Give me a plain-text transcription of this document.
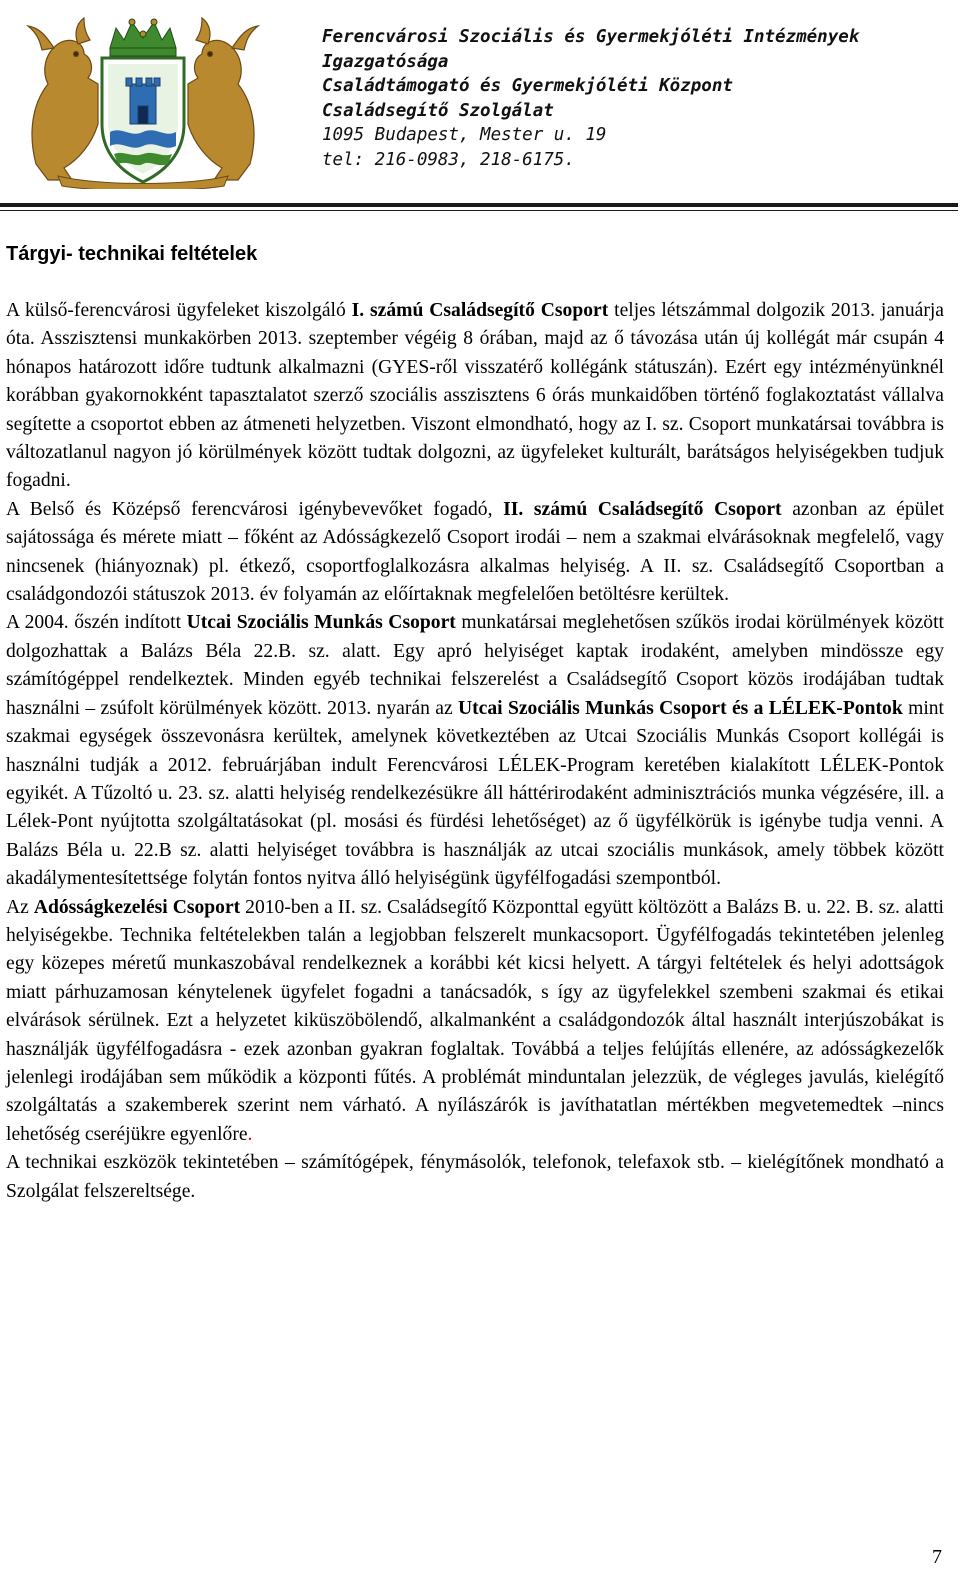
Ferencvárosi Szociális és Gyermekjóléti Intézmények
Igazgatósága
Családtámogató és Gyermekjóléti Központ
Családsegítő Szolgálat
1095 Budapest, Mester u. 19
tel: 216-0983, 218-6175.
Tárgyi- technikai feltételek

A külső-ferencvárosi ügyfeleket kiszolgáló I. számú Családsegítő Csoport teljes létszámmal dolgozik 2013. januárja óta. Asszisztensi munkakörben 2013. szeptember végéig 8 órában, majd az ő távozása után új kollégát már csupán 4 hónapos határozott időre tudtunk alkalmazni (GYES-ről visszatérő kollégánk státuszán). Ezért egy intézményünknél korábban gyakornokként tapasztalatot szerző szociális asszisztens 6 órás munkaidőben történő foglakoztatást vállalva segítette a csoportot ebben az átmeneti helyzetben. Viszont elmondható, hogy az I. sz. Csoport munkatársai továbbra is változatlanul nagyon jó körülmények között tudtak dolgozni, az ügyfeleket kulturált, barátságos helyiségekben tudjuk fogadni.

A Belső és Középső ferencvárosi igénybevevőket fogadó, II. számú Családsegítő Csoport azonban az épület sajátossága és mérete miatt – főként az Adósságkezelő Csoport irodái – nem a szakmai elvárásoknak megfelelő, vagy nincsenek (hiányoznak) pl. étkező, csoportfoglalkozásra alkalmas helyiség. A II. sz. Családsegítő Csoportban a családgondozói státuszok 2013. év folyamán az előírtaknak megfelelően betöltésre kerültek.

A 2004. őszén indított Utcai Szociális Munkás Csoport munkatársai meglehetősen szűkös irodai körülmények között dolgozhattak a Balázs Béla 22.B. sz. alatt. Egy apró helyiséget kaptak irodaként, amelyben mindössze egy számítógéppel rendelkeztek. Minden egyéb technikai felszerelést a Családsegítő Csoport közös irodájában tudtak használni – zsúfolt körülmények között. 2013. nyarán az Utcai Szociális Munkás Csoport és a LÉLEK-Pontok mint szakmai egységek összevonásra kerültek, amelynek következtében az Utcai Szociális Munkás Csoport kollégái is használni tudják a 2012. februárjában indult Ferencvárosi LÉLEK-Program keretében kialakított LÉLEK-Pontok egyikét. A Tűzoltó u. 23. sz. alatti helyiség rendelkezésükre áll háttérirodaként adminisztrációs munka végzésére, ill. a Lélek-Pont nyújtotta szolgáltatásokat (pl. mosási és fürdési lehetőséget) az ő ügyfélkörük is igénybe tudja venni. A Balázs Béla u. 22.B sz. alatti helyiséget továbbra is használják az utcai szociális munkások, amely többek között akadálymentesítettsége folytán fontos nyitva álló helyiségünk ügyfélfogadási szempontból.

Az Adósságkezelési Csoport 2010-ben a II. sz. Családsegítő Központtal együtt költözött a Balázs B. u. 22. B. sz. alatti helyiségekbe. Technika feltételekben talán a legjobban felszerelt munkacsoport. Ügyfélfogadás tekintetében jelenleg egy közepes méretű munkaszobával rendelkeznek a korábbi két kicsi helyett. A tárgyi feltételek és helyi adottságok miatt párhuzamosan kénytelenek ügyfelet fogadni a tanácsadók, s így az ügyfelekkel szembeni szakmai és etikai elvárások sérülnek. Ezt a helyzetet kiküszöbölendő, alkalmanként a családgondozók által használt interjúszobákat is használják ügyfélfogadásra - ezek azonban gyakran foglaltak. Továbbá a teljes felújítás ellenére, az adósságkezelők jelenlegi irodájában sem működik a központi fűtés. A problémát minduntalan jelezzük, de végleges javulás, kielégítő szolgáltatás a szakemberek szerint nem várható. A nyílászárók is javíthatatlan mértékben megvetemedtek –nincs lehetőség cseréjükre egyenlőre.

A technikai eszközök tekintetében – számítógépek, fénymásolók, telefonok, telefaxok stb. – kielégítőnek mondható a Szolgálat felszereltsége.

7
